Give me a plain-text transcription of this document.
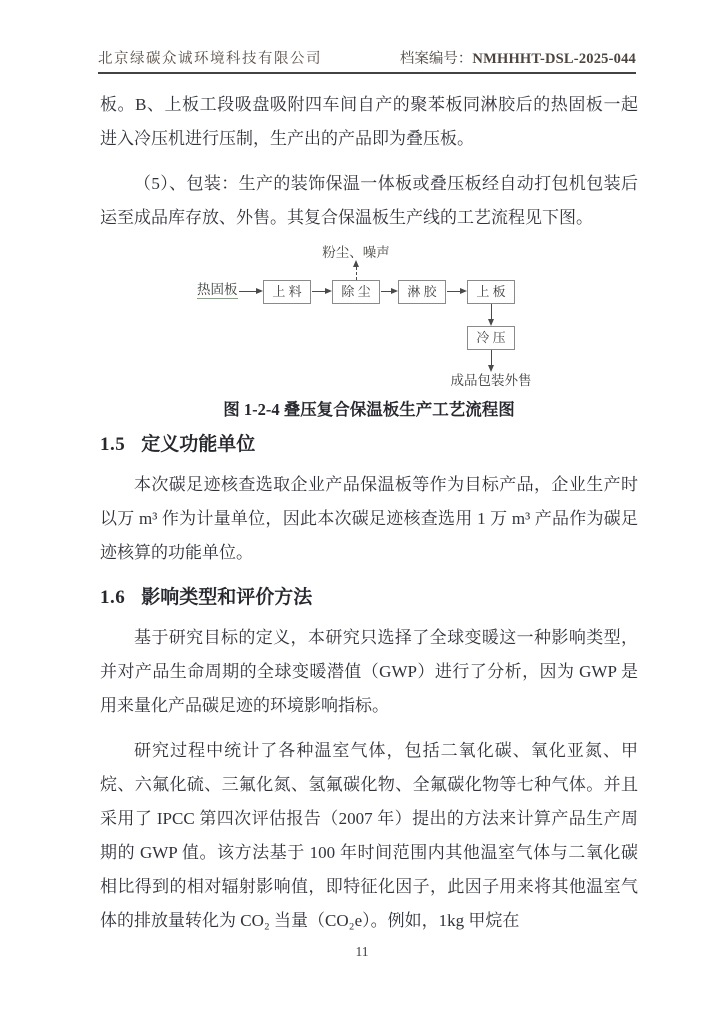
北京绿碳众诚环境科技有限公司	档案编号：NMHHHT-DSL-2025-044
板。B、上板工段吸盘吸附四车间自产的聚苯板同淋胶后的热固板一起进入冷压机进行压制，生产出的产品即为叠压板。
（5）、包装：生产的装饰保温一体板或叠压板经自动打包机包装后运至成品库存放、外售。其复合保温板生产线的工艺流程见下图。
粉尘、噪声
热固板	上 料	除 尘	淋 胶	上 板
冷 压
成品包装外售
图 1-2-4 叠压复合保温板生产工艺流程图
1.5 定义功能单位
本次碳足迹核查选取企业产品保温板等作为目标产品，企业生产时以万 m³ 作为计量单位，因此本次碳足迹核查选用 1 万 m³ 产品作为碳足迹核算的功能单位。
1.6 影响类型和评价方法
基于研究目标的定义，本研究只选择了全球变暖这一种影响类型，并对产品生命周期的全球变暖潜值（GWP）进行了分析，因为 GWP 是用来量化产品碳足迹的环境影响指标。
研究过程中统计了各种温室气体，包括二氧化碳、氧化亚氮、甲烷、六氟化硫、三氟化氮、氢氟碳化物、全氟碳化物等七种气体。并且采用了 IPCC 第四次评估报告（2007 年）提出的方法来计算产品生产周期的 GWP 值。该方法基于 100 年时间范围内其他温室气体与二氧化碳相比得到的相对辐射影响值，即特征化因子，此因子用来将其他温室气体的排放量转化为 CO₂ 当量（CO₂e）。例如，1kg 甲烷在
11
